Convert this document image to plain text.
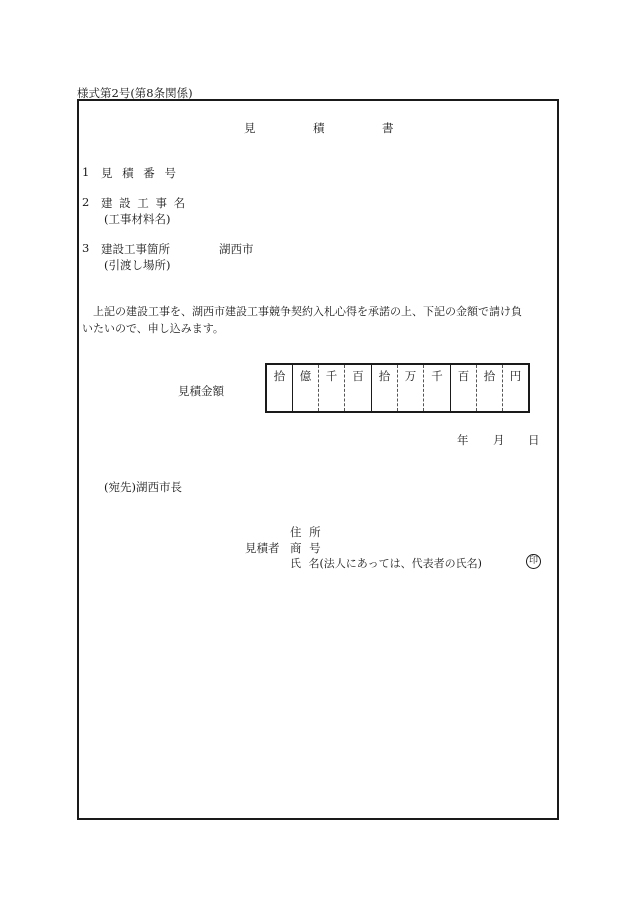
様式第2号(第8条関係)
見	積	書
1 見 積 番 号
2 建 設 工 事 名
(工事材料名)
3 建設工事箇所	湖西市
(引渡し場所)
上記の建設工事を、湖西市建設工事競争契約入札心得を承諾の上、下記の金額で請け負
いたいので、申し込みます。
見積金額
拾	億	千	百	拾	万	千	百	拾	円
年 月 日
(宛先)湖西市長
住 所
見積者 商 号
氏 名(法人にあっては、代表者の氏名)	印
